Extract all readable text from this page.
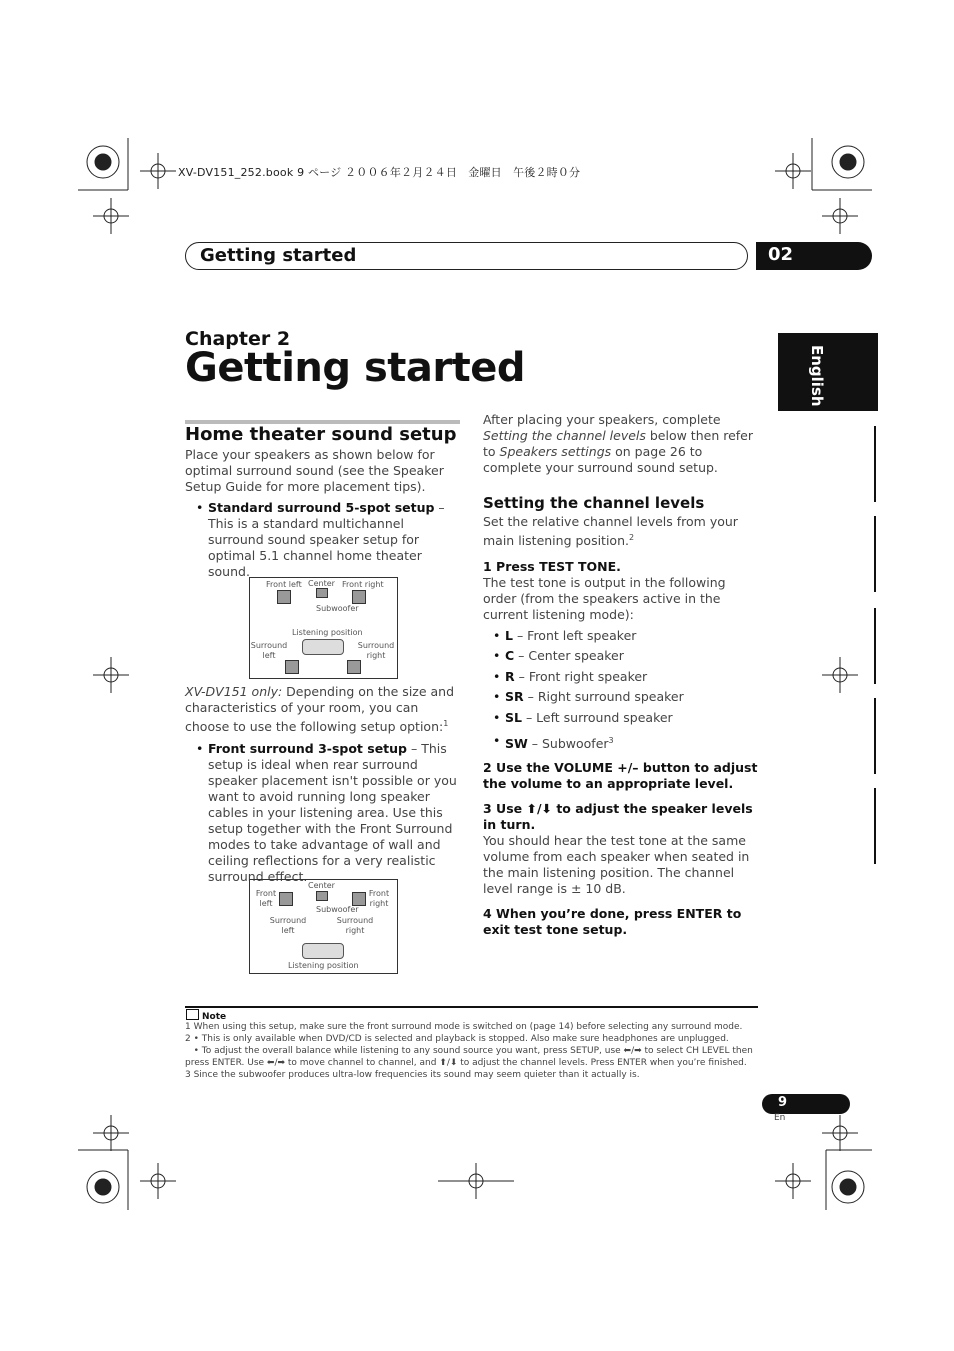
XV-DV151_252.book 9 ページ ２００６年２月２４日　金曜日　午後２時０分
Getting started	02
English
Chapter 2
Getting started
Home theater sound setup
Place your speakers as shown below for optimal surround sound (see the Speaker Setup Guide for more placement tips).
• Standard surround 5-spot setup – This is a standard multichannel surround sound speaker setup for optimal 5.1 channel home theater sound.
Front left Center Front right
Subwoofer
Listening position
Surround left
Surround right
XV-DV151 only: Depending on the size and characteristics of your room, you can choose to use the following setup option:$^1$
• Front surround 3-spot setup – This setup is ideal when rear surround speaker placement isn't possible or you want to avoid running long speaker cables in your listening area. Use this setup together with the Front Surround modes to take advantage of wall and ceiling reflections for a very realistic surround effect.
Center
Front left
Front right
Subwoofer
Surround left
Surround right
Listening position
After placing your speakers, complete Setting the channel levels below then refer to Speakers settings on page 26 to complete your surround sound setup.
Setting the channel levels
Set the relative channel levels from your main listening position.$^2$
1 Press TEST TONE.
The test tone is output in the following order (from the speakers active in the current listening mode):
• L – Front left speaker
• C – Center speaker
• R – Front right speaker
• SR – Right surround speaker
• SL – Left surround speaker
• SW – Subwoofer$^3$
2 Use the VOLUME +/– button to adjust the volume to an appropriate level.
3 Use ⬆/⬇ to adjust the speaker levels in turn.
You should hear the test tone at the same volume from each speaker when seated in the main listening position. The channel level range is ± 10 dB.
4 When you’re done, press ENTER to exit test tone setup.
Note
1 When using this setup, make sure the front surround mode is switched on (page 14) before selecting any surround mode.
2 • This is only available when DVD/CD is selected and playback is stopped. Also make sure headphones are unplugged.
• To adjust the overall balance while listening to any sound source you want, press SETUP, use ⬅/➡ to select CH LEVEL then
press ENTER. Use ⬅/➡ to move channel to channel, and ⬆/⬇ to adjust the channel levels. Press ENTER when you’re finished.
3 Since the subwoofer produces ultra-low frequencies its sound may seem quieter than it actually is.
9
En
